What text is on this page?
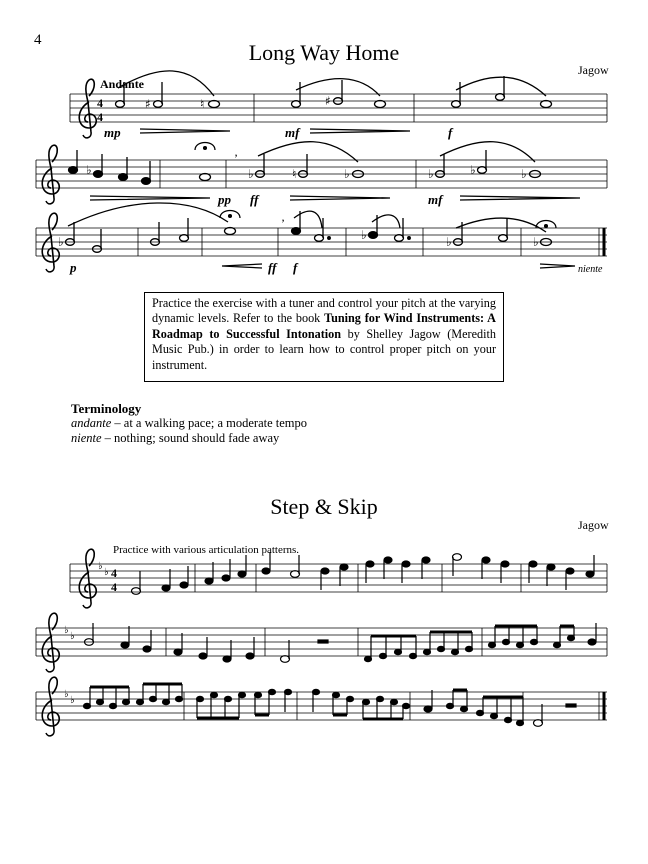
4	Long Way Home
Jagow
Andante
mp	mf	f
pp ff	mf
p	ff f	niente
Practice the exercise with a tuner and control your pitch at the varying dynamic levels. Refer to the book Tuning for Wind Instruments: A Roadmap to Successful Intonation by Shelley Jagow (Meredith Music Pub.) in order to learn how to control proper pitch on your instrument.
Terminology
andante – at a walking pace; a moderate tempo
niente – nothing; sound should fade away
Step & Skip
Jagow
Practice with various articulation patterns.
4
4
♯	♮	♯
♭	♭	♮	♭	♭	♭	♭
’
♭	♭	♭	♭
’
♭
♭ 4
4
♭
♭
♭
♭
